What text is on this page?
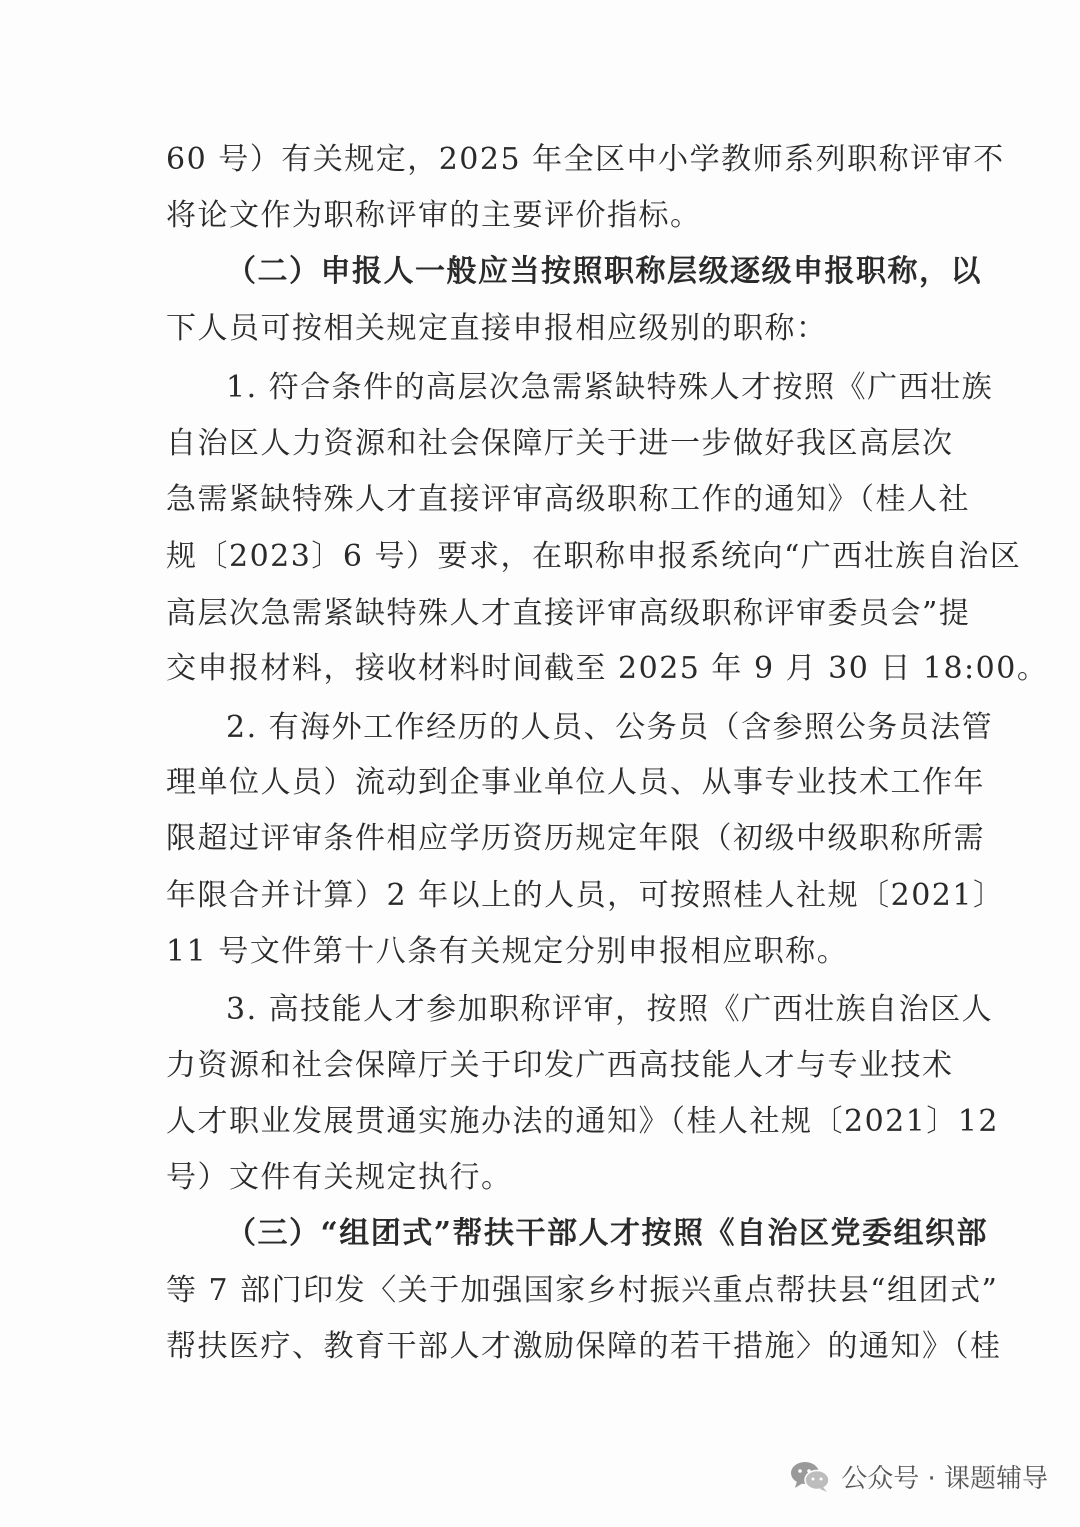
60 号）有关规定，2025 年全区中小学教师系列职称评审不
将论文作为职称评审的主要评价指标。
（二）申报人一般应当按照职称层级逐级申报职称，以
下人员可按相关规定直接申报相应级别的职称：
1. 符合条件的高层次急需紧缺特殊人才按照《广西壮族
自治区人力资源和社会保障厅关于进一步做好我区高层次
急需紧缺特殊人才直接评审高级职称工作的通知》（桂人社
规〔2023〕6 号）要求，在职称申报系统向“广西壮族自治区
高层次急需紧缺特殊人才直接评审高级职称评审委员会”提
交申报材料，接收材料时间截至 2025 年 9 月 30 日 18:00。
2. 有海外工作经历的人员、公务员（含参照公务员法管
理单位人员）流动到企事业单位人员、从事专业技术工作年
限超过评审条件相应学历资历规定年限（初级中级职称所需
年限合并计算）2 年以上的人员，可按照桂人社规〔2021〕
11 号文件第十八条有关规定分别申报相应职称。
3. 高技能人才参加职称评审，按照《广西壮族自治区人
力资源和社会保障厅关于印发广西高技能人才与专业技术
人才职业发展贯通实施办法的通知》（桂人社规〔2021〕12
号）文件有关规定执行。
（三）“组团式”帮扶干部人才按照《自治区党委组织部
等 7 部门印发〈关于加强国家乡村振兴重点帮扶县“组团式”
帮扶医疗、教育干部人才激励保障的若干措施〉的通知》（桂
公众号 · 课题辅导
